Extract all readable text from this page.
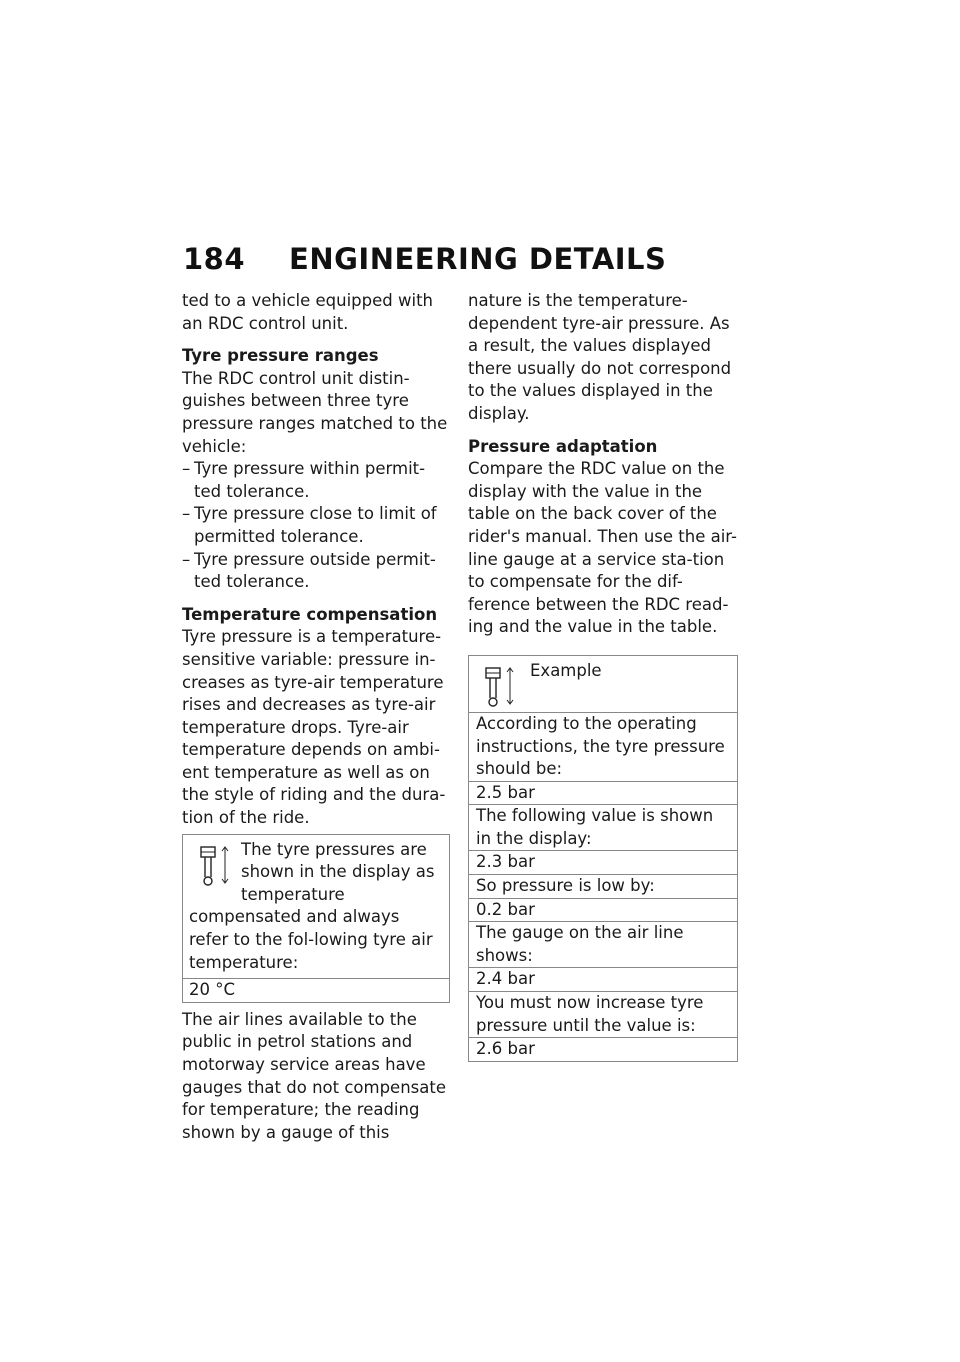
184 ENGINEERING DETAILS

ted to a vehicle equipped with an RDC control unit.

Tyre pressure ranges

The RDC control unit distin-guishes between three tyre pressure ranges matched to the vehicle:

– Tyre pressure within permit-ted tolerance.
– Tyre pressure close to limit of permitted tolerance.
– Tyre pressure outside permit-ted tolerance.

Temperature compensation

Tyre pressure is a temperature-sensitive variable: pressure in-creases as tyre-air temperature rises and decreases as tyre-air temperature drops. Tyre-air temperature depends on ambi-ent temperature as well as on the style of riding and the dura-tion of the ride.

The tyre pressures are shown in the display as temperature compensated and always refer to the fol-lowing tyre air temperature:
20 °C

The air lines available to the public in petrol stations and motorway service areas have gauges that do not compensate for temperature; the reading shown by a gauge of this

nature is the temperature-dependent tyre-air pressure. As a result, the values displayed there usually do not correspond to the values displayed in the display.

Pressure adaptation

Compare the RDC value on the display with the value in the table on the back cover of the rider's manual. Then use the air-line gauge at a service sta-tion to compensate for the dif-ference between the RDC read-ing and the value in the table.

Example
According to the operating instructions, the tyre pressure should be:
2.5 bar
The following value is shown in the display:
2.3 bar
So pressure is low by:
0.2 bar
The gauge on the air line shows:
2.4 bar
You must now increase tyre pressure until the value is:
2.6 bar
